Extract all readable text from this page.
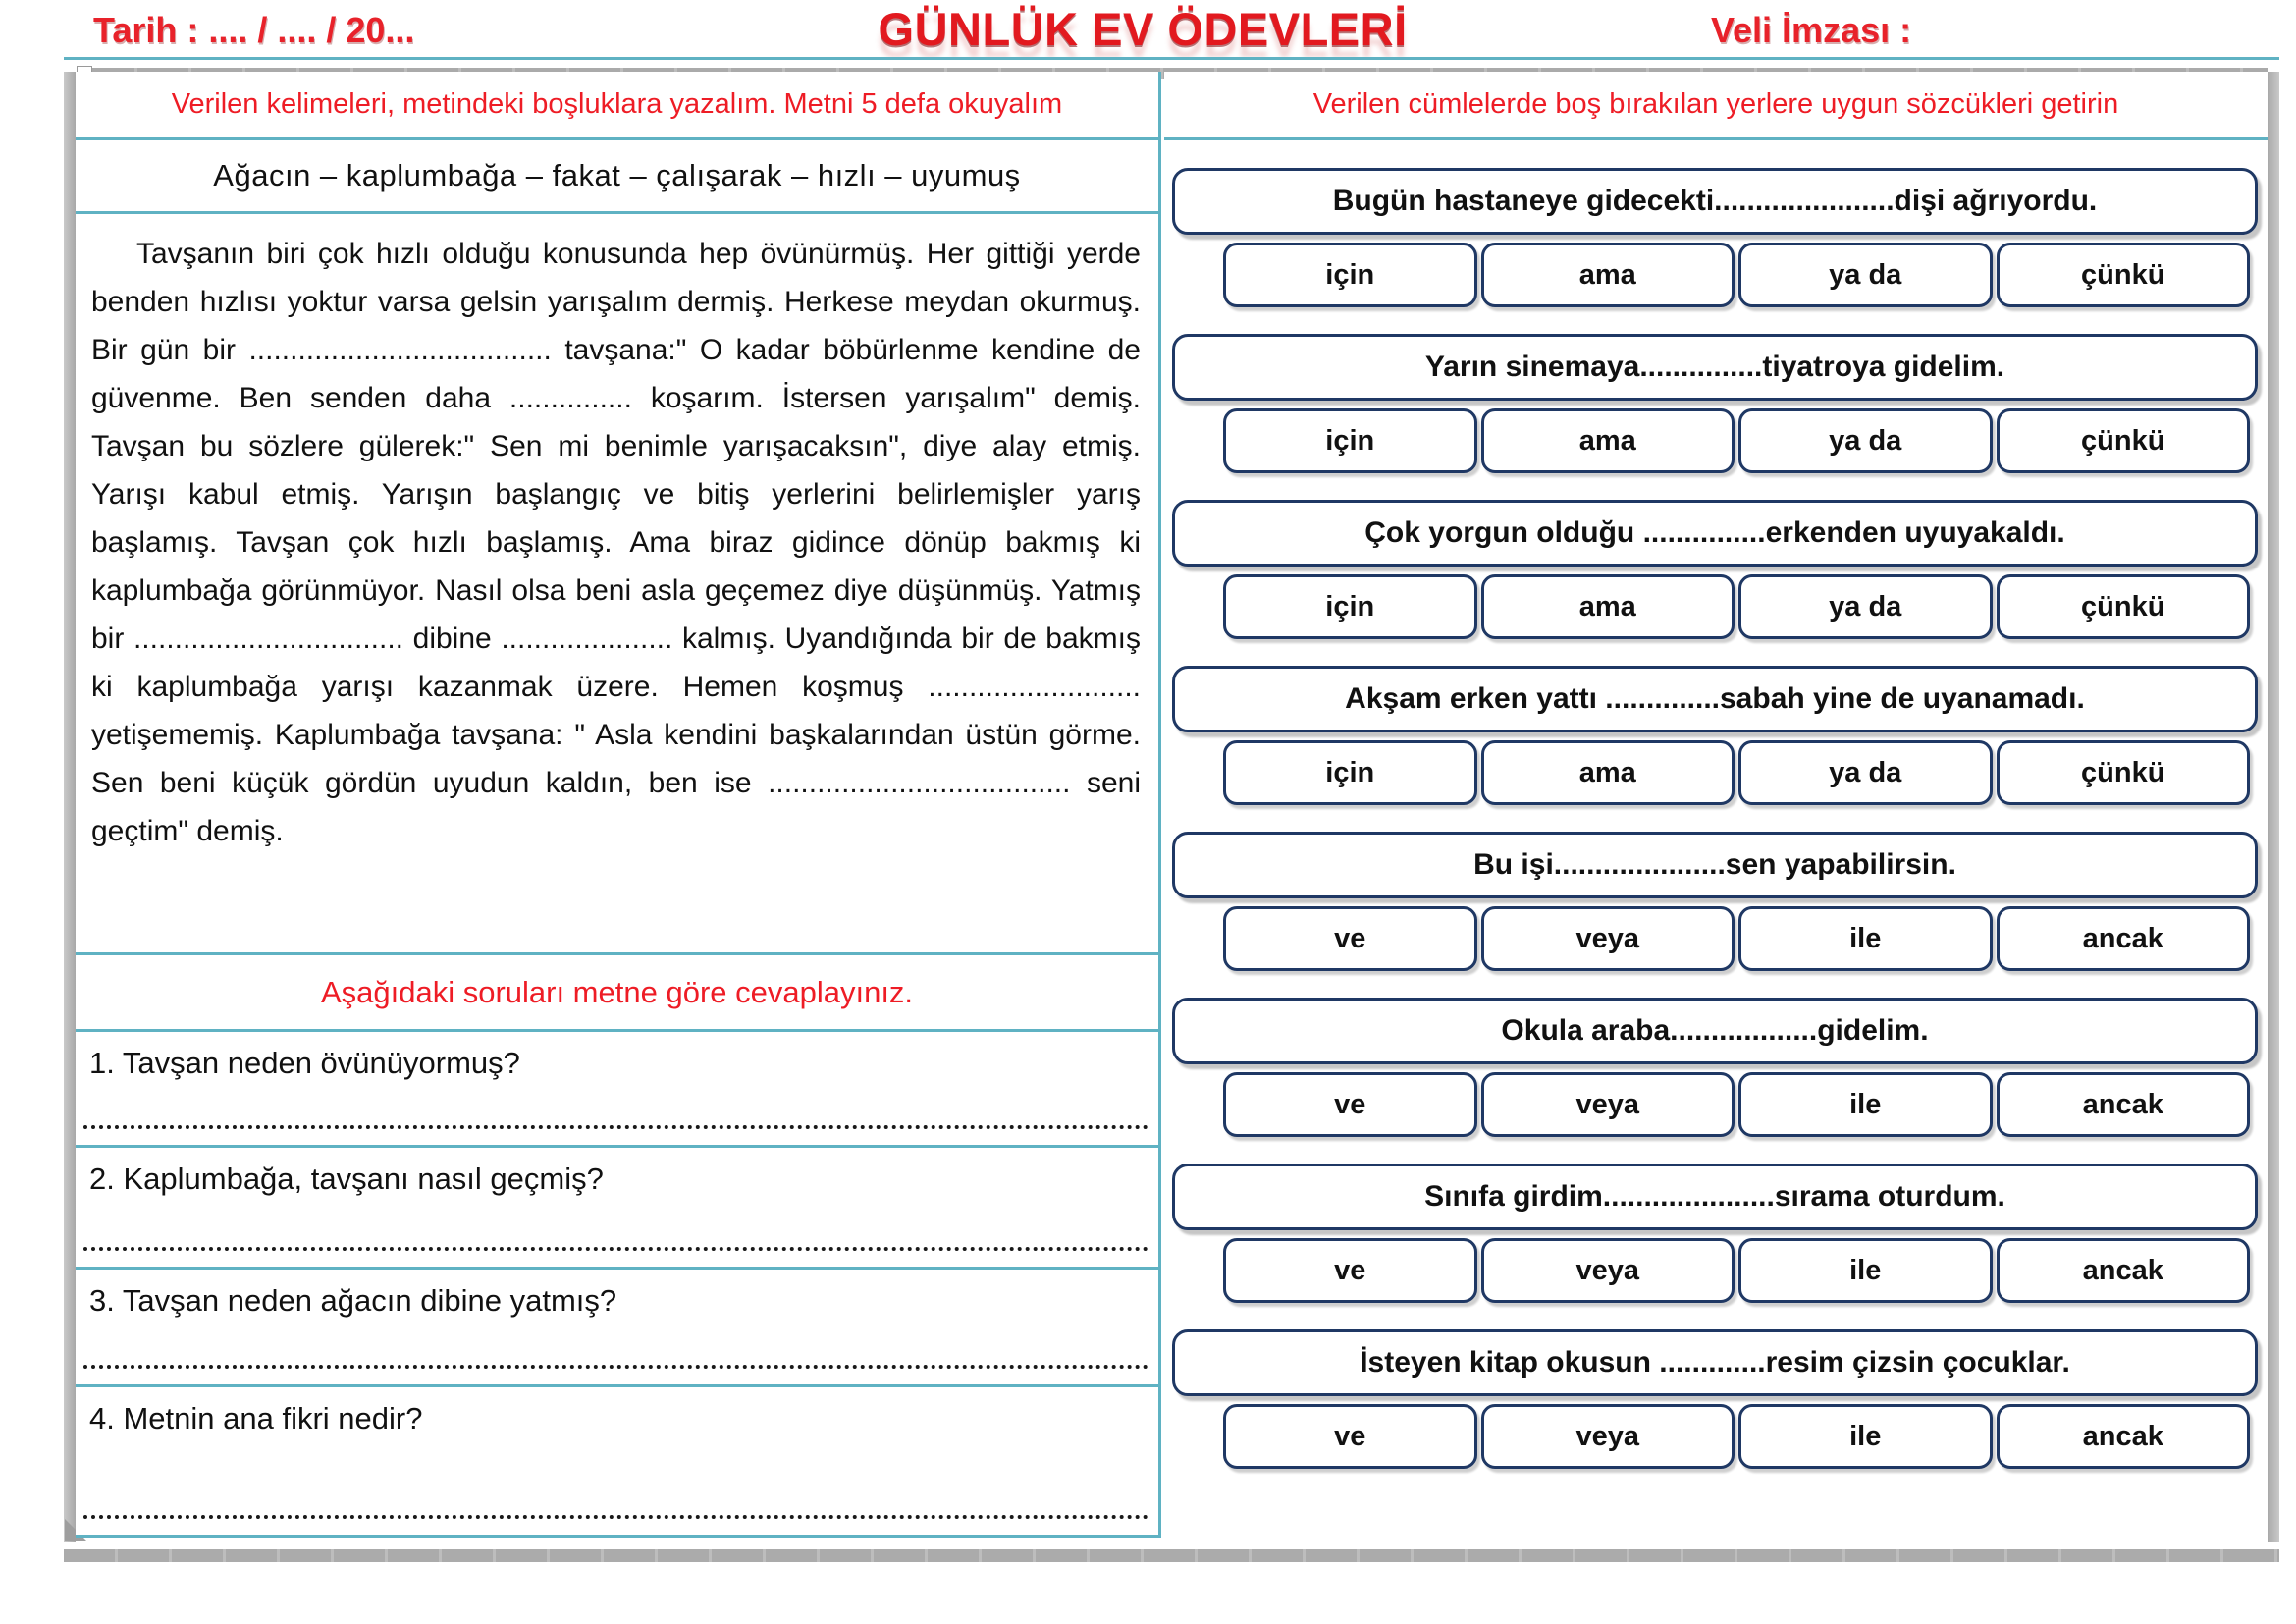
Tarih : .... / .... / 20...	GÜNLÜK EV ÖDEVLERİ	Veli İmzası :
Verilen kelimeleri, metindeki boşluklara yazalım. Metni 5 defa okuyalım
Ağacın – kaplumbağa – fakat – çalışarak – hızlı – uyumuş
Tavşanın biri çok hızlı olduğu konusunda hep övünürmüş. Her gittiği yerde benden hızlısı yoktur varsa gelsin yarışalım dermiş. Herkese meydan okurmuş. Bir gün bir ..................................... tavşana:" O kadar böbürlenme kendine de güvenme. Ben senden daha ............... koşarım. İstersen yarışalım" demiş. Tavşan bu sözlere gülerek:" Sen mi benimle yarışacaksın", diye alay etmiş. Yarışı kabul etmiş. Yarışın başlangıç ve bitiş yerlerini belirlemişler yarış başlamış. Tavşan çok hızlı başlamış. Ama biraz gidince dönüp bakmış ki kaplumbağa görünmüyor. Nasıl olsa beni asla geçemez diye düşünmüş. Yatmış bir ................................. dibine ..................... kalmış. Uyandığında bir de bakmış ki kaplumbağa yarışı kazanmak üzere. Hemen koşmuş .......................... yetişememiş. Kaplumbağa tavşana: " Asla kendini başkalarından üstün görme. Sen beni küçük gördün uyudun kaldın, ben ise ..................................... seni geçtim" demiş.
Aşağıdaki soruları metne göre cevaplayınız.
1. Tavşan neden övünüyormuş?
2. Kaplumbağa, tavşanı nasıl geçmiş?
3. Tavşan neden ağacın dibine yatmış?
4. Metnin ana fikri nedir?
Verilen cümlelerde boş bırakılan yerlere uygun sözcükleri getirin
Bugün hastaneye gidecekti......................dişi ağrıyordu.
için	ama	ya da	çünkü
Yarın sinemaya...............tiyatroya gidelim.
için	ama	ya da	çünkü
Çok yorgun olduğu ...............erkenden uyuyakaldı.
için	ama	ya da	çünkü
Akşam erken yattı ..............sabah yine de uyanamadı.
için	ama	ya da	çünkü
Bu işi.....................sen yapabilirsin.
ve	veya	ile	ancak
Okula araba..................gidelim.
ve	veya	ile	ancak
Sınıfa girdim.....................sırama oturdum.
ve	veya	ile	ancak
İsteyen kitap okusun .............resim çizsin çocuklar.
ve	veya	ile	ancak
